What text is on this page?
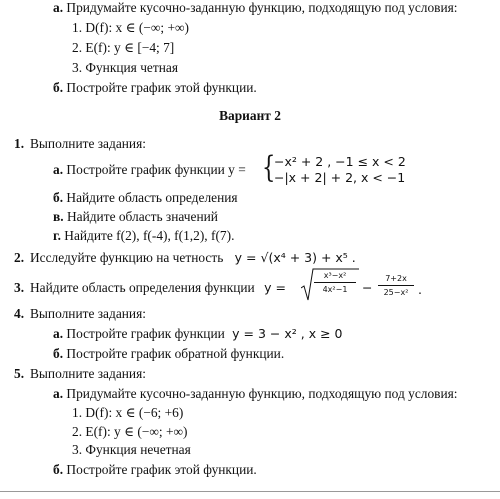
а. Придумайте кусочно-заданную функцию, подходящую под условия:
1. D(f): x ∈ (−∞; +∞)
2. E(f): y ∈ [−4; 7]
3. Функция четная
б. Постройте график этой функции.
Вариант 2
1. Выполните задания:
а. Постройте график функции y = {
−x² + 2 , −1 ≤ x < 2
−|x + 2| + 2, x < −1
б. Найдите область определения
в. Найдите область значений
г. Найдите f(2), f(-4), f(1,2), f(7).
2. Исследуйте функцию на четность y = √(x⁴ + 3) + x⁵ .
3. Найдите область определения функции y =	$\frac{\text{x³−x²}}{\text{4x²−1}} - \frac{7+2x}{\text{25−x²}}$ .
4. Выполните задания:
а. Постройте график функции y = 3 − x² , x ≥ 0
б. Постройте график обратной функции.
5. Выполните задания:
а. Придумайте кусочно-заданную функцию, подходящую под условия:
1. D(f): x ∈ (−6; +6)
2. E(f): y ∈ (−∞; +∞)
3. Функция нечетная
б. Постройте график этой функции.
